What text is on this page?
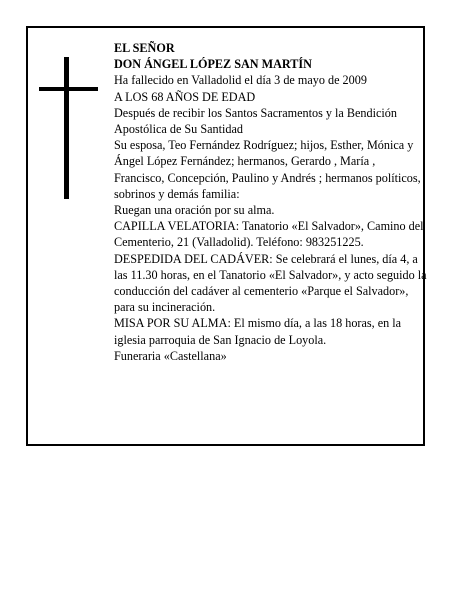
EL SEÑOR

DON ÁNGEL LÓPEZ SAN MARTÍN

Ha fallecido en Valladolid el día 3 de mayo de 2009

A LOS 68 AÑOS DE EDAD

Después de recibir los Santos Sacramentos y la Bendición Apostólica de Su Santidad

Su esposa, Teo Fernández Rodríguez; hijos, Esther, Mónica y Ángel López Fernández; hermanos, Gerardo , María , Francisco, Concepción, Paulino y Andrés ; hermanos políticos, sobrinos y demás familia:

Ruegan una oración por su alma.

CAPILLA VELATORIA: Tanatorio «El Salvador», Camino del Cementerio, 21 (Valladolid). Teléfono: 983251225.

DESPEDIDA DEL CADÁVER: Se celebrará el lunes, día 4, a las 11.30 horas, en el Tanatorio «El Salvador», y acto seguido la conducción del cadáver al cementerio «Parque el Salvador», para su incineración.

MISA POR SU ALMA: El mismo día, a las 18 horas, en la iglesia parroquia de San Ignacio de Loyola.

Funeraria «Castellana»
